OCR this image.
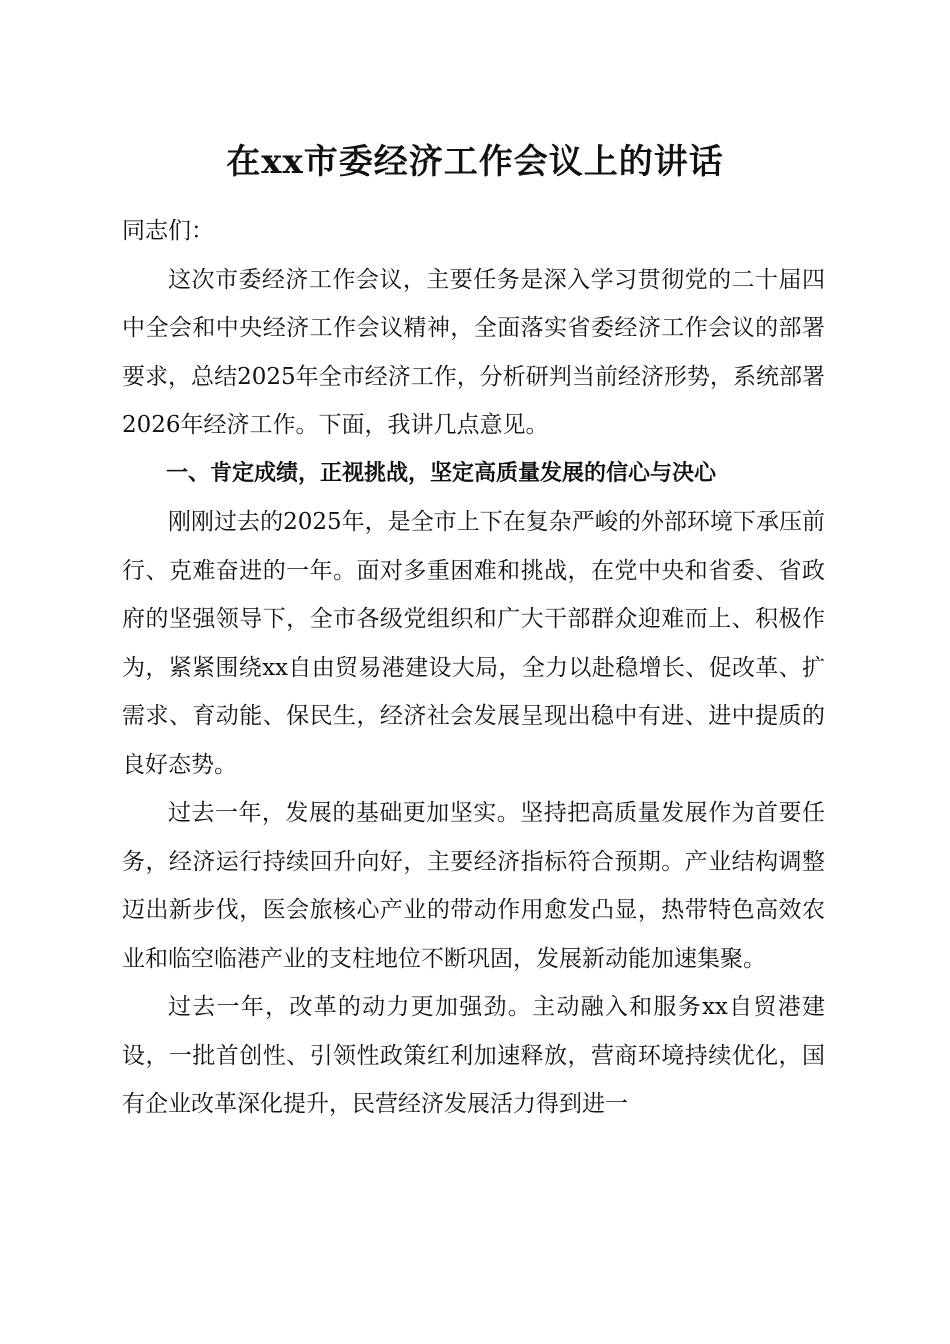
在xx市委经济工作会议上的讲话

同志们：

这次市委经济工作会议，主要任务是深入学习贯彻党的二十届四中全会和中央经济工作会议精神，全面落实省委经济工作会议的部署要求，总结2025年全市经济工作，分析研判当前经济形势，系统部署2026年经济工作。下面，我讲几点意见。

一、肯定成绩，正视挑战，坚定高质量发展的信心与决心

刚刚过去的2025年，是全市上下在复杂严峻的外部环境下承压前行、克难奋进的一年。面对多重困难和挑战，在党中央和省委、省政府的坚强领导下，全市各级党组织和广大干部群众迎难而上、积极作为，紧紧围绕xx自由贸易港建设大局，全力以赴稳增长、促改革、扩需求、育动能、保民生，经济社会发展呈现出稳中有进、进中提质的良好态势。

过去一年，发展的基础更加坚实。坚持把高质量发展作为首要任务，经济运行持续回升向好，主要经济指标符合预期。产业结构调整迈出新步伐，医会旅核心产业的带动作用愈发凸显，热带特色高效农业和临空临港产业的支柱地位不断巩固，发展新动能加速集聚。

过去一年，改革的动力更加强劲。主动融入和服务xx自贸港建设，一批首创性、引领性政策红利加速释放，营商环境持续优化，国有企业改革深化提升，民营经济发展活力得到进一
